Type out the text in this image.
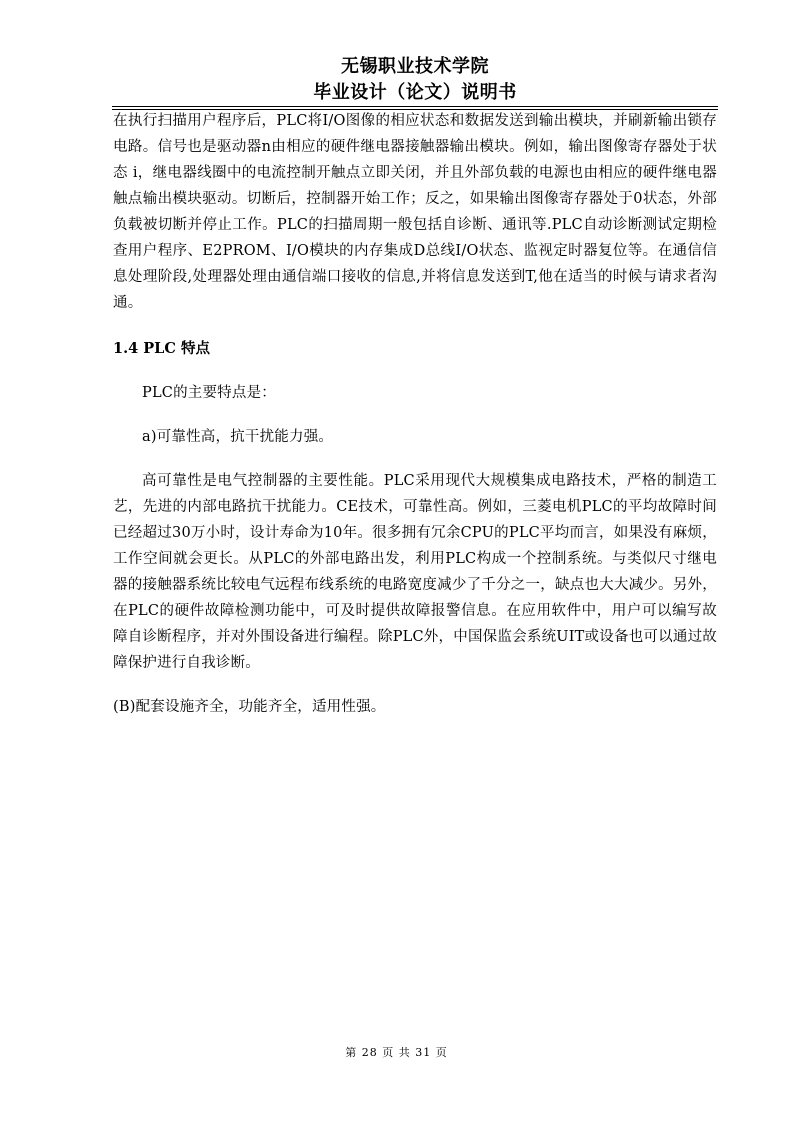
无锡职业技术学院
毕业设计（论文）说明书

在执行扫描用户程序后，PLC将I/O图像的相应状态和数据发送到输出模块，并刷新输出锁存电路。信号也是驱动器n由相应的硬件继电器接触器输出模块。例如，输出图像寄存器处于状态 i，继电器线圈中的电流控制开触点立即关闭，并且外部负载的电源也由相应的硬件继电器触点输出模块驱动。切断后，控制器开始工作；反之，如果输出图像寄存器处于0状态，外部负载被切断并停止工作。PLC的扫描周期一般包括自诊断、通讯等.PLC自动诊断测试定期检查用户程序、E2PROM、I/O模块的内存集成D总线I/O状态、监视定时器复位等。在通信信息处理阶段,处理器处理由通信端口接收的信息,并将信息发送到T,他在适当的时候与请求者沟通。

1.4 PLC 特点

PLC的主要特点是：

a)可靠性高，抗干扰能力强。

高可靠性是电气控制器的主要性能。PLC采用现代大规模集成电路技术，严格的制造工艺，先进的内部电路抗干扰能力。CE技术，可靠性高。例如，三菱电机PLC的平均故障时间已经超过30万小时，设计寿命为10年。很多拥有冗余CPU的PLC平均而言，如果没有麻烦，工作空间就会更长。从PLC的外部电路出发，利用PLC构成一个控制系统。与类似尺寸继电器的接触器系统比较电气远程布线系统的电路宽度减少了千分之一，缺点也大大减少。另外，在PLC的硬件故障检测功能中，可及时提供故障报警信息。在应用软件中，用户可以编写故障自诊断程序，并对外围设备进行编程。除PLC外，中国保监会系统UIT或设备也可以通过故障保护进行自我诊断。

(B)配套设施齐全，功能齐全，适用性强。

第 28 页 共 31 页
